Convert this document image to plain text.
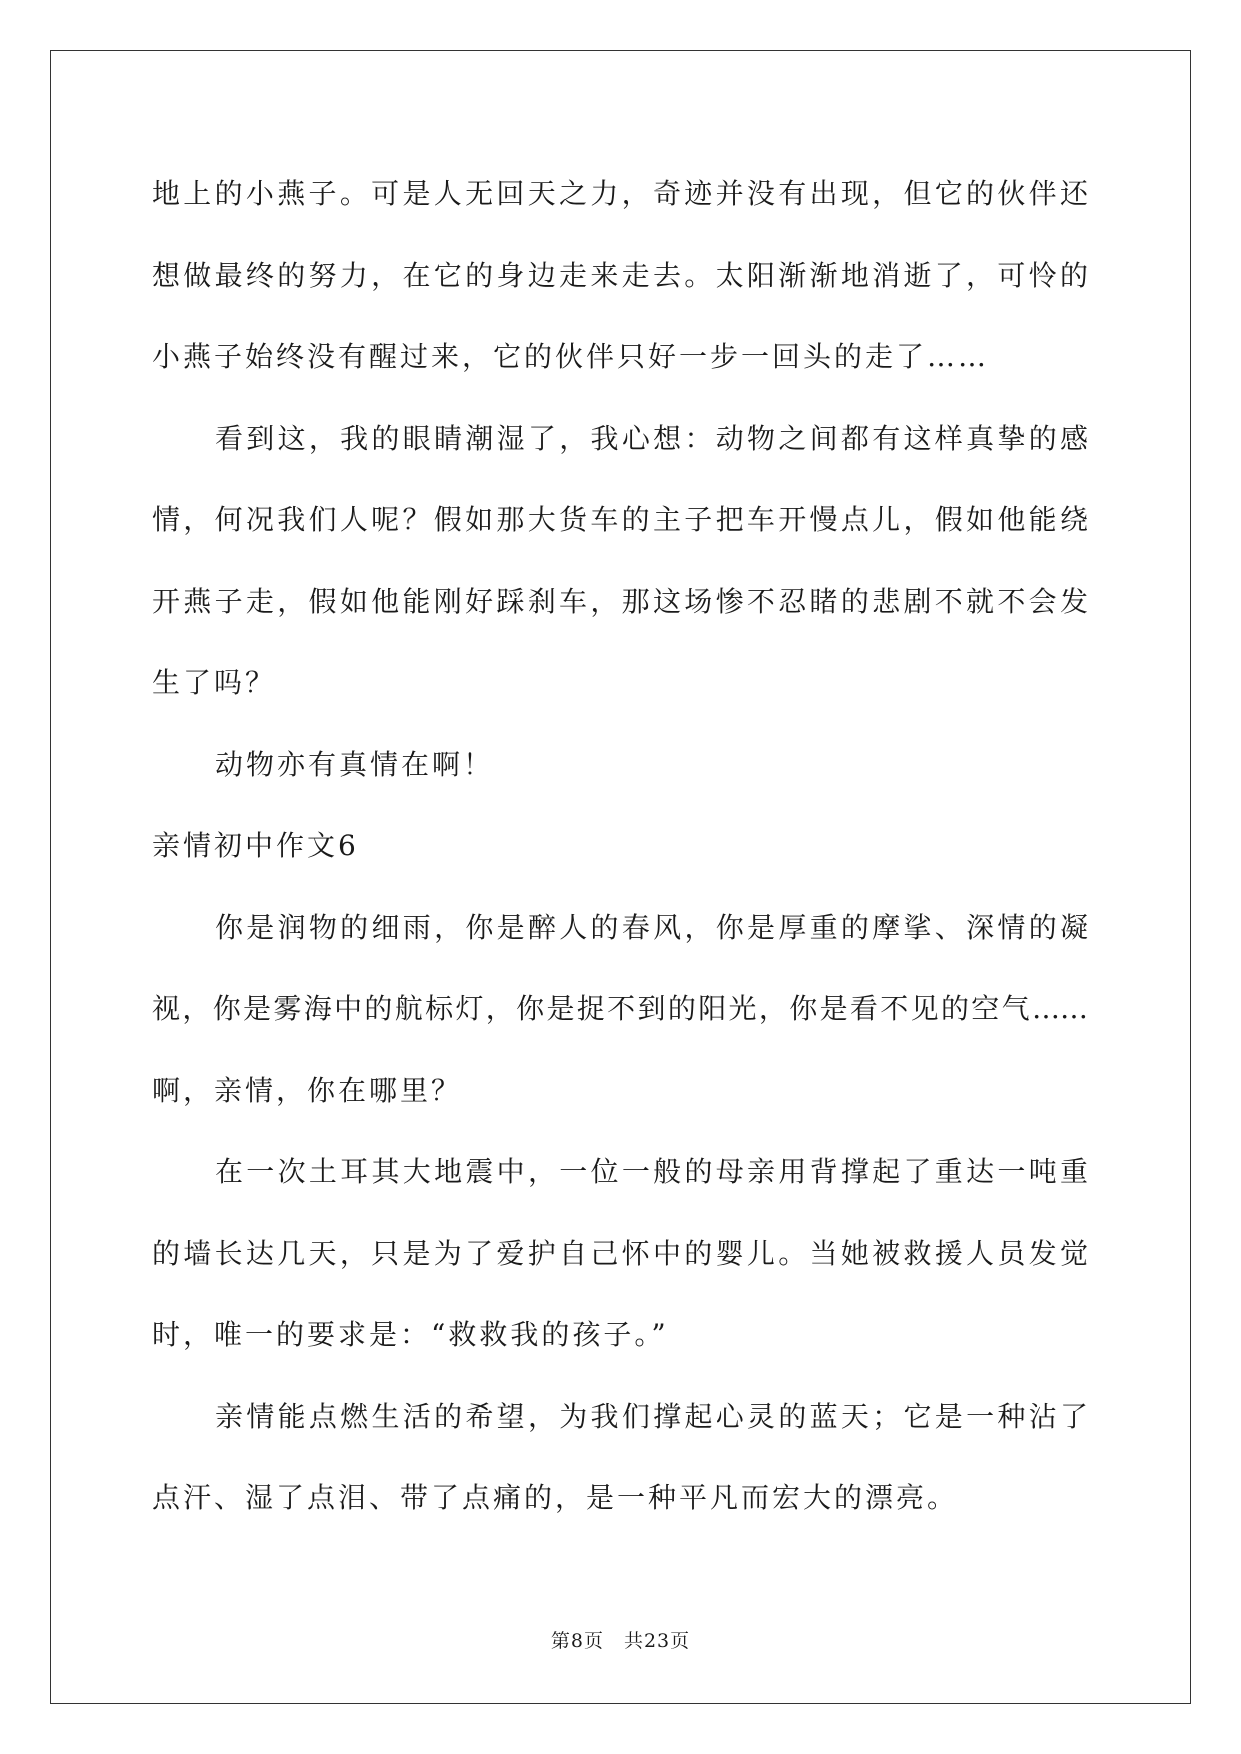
地上的小燕子。可是人无回天之力，奇迹并没有出现，但它的伙伴还
想做最终的努力，在它的身边走来走去。太阳渐渐地消逝了，可怜的
小燕子始终没有醒过来，它的伙伴只好一步一回头的走了……
看到这，我的眼睛潮湿了，我心想：动物之间都有这样真挚的感
情，何况我们人呢？假如那大货车的主子把车开慢点儿，假如他能绕
开燕子走，假如他能刚好踩刹车，那这场惨不忍睹的悲剧不就不会发
生了吗？
动物亦有真情在啊！
亲情初中作文6
你是润物的细雨，你是醉人的春风，你是厚重的摩挲、深情的凝
视，你是雾海中的航标灯，你是捉不到的阳光，你是看不见的空气……
啊，亲情，你在哪里？
在一次土耳其大地震中，一位一般的母亲用背撑起了重达一吨重
的墙长达几天，只是为了爱护自己怀中的婴儿。当她被救援人员发觉
时，唯一的要求是：“救救我的孩子。”
亲情能点燃生活的希望，为我们撑起心灵的蓝天；它是一种沾了
点汗、湿了点泪、带了点痛的，是一种平凡而宏大的漂亮。
第8页 共23页
